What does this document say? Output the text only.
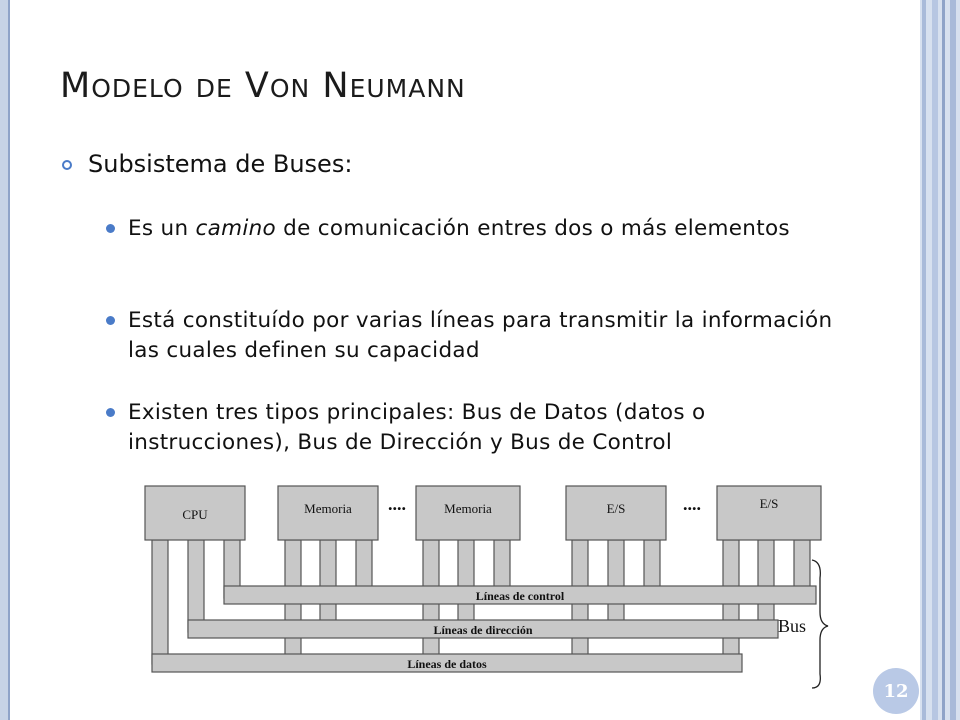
Modelo de Von Neumann
Subsistema de Buses:
Es un camino de comunicación entres dos o más elementos
Está constituído por varias líneas para transmitir la información las cuales definen su capacidad
Existen tres tipos principales: Bus de Datos (datos o instrucciones), Bus de Dirección y Bus de Control
CPU	Memoria	Memoria	E/S	E/S
....	....
Líneas de control
Líneas de dirección
Líneas de datos
Bus
12
